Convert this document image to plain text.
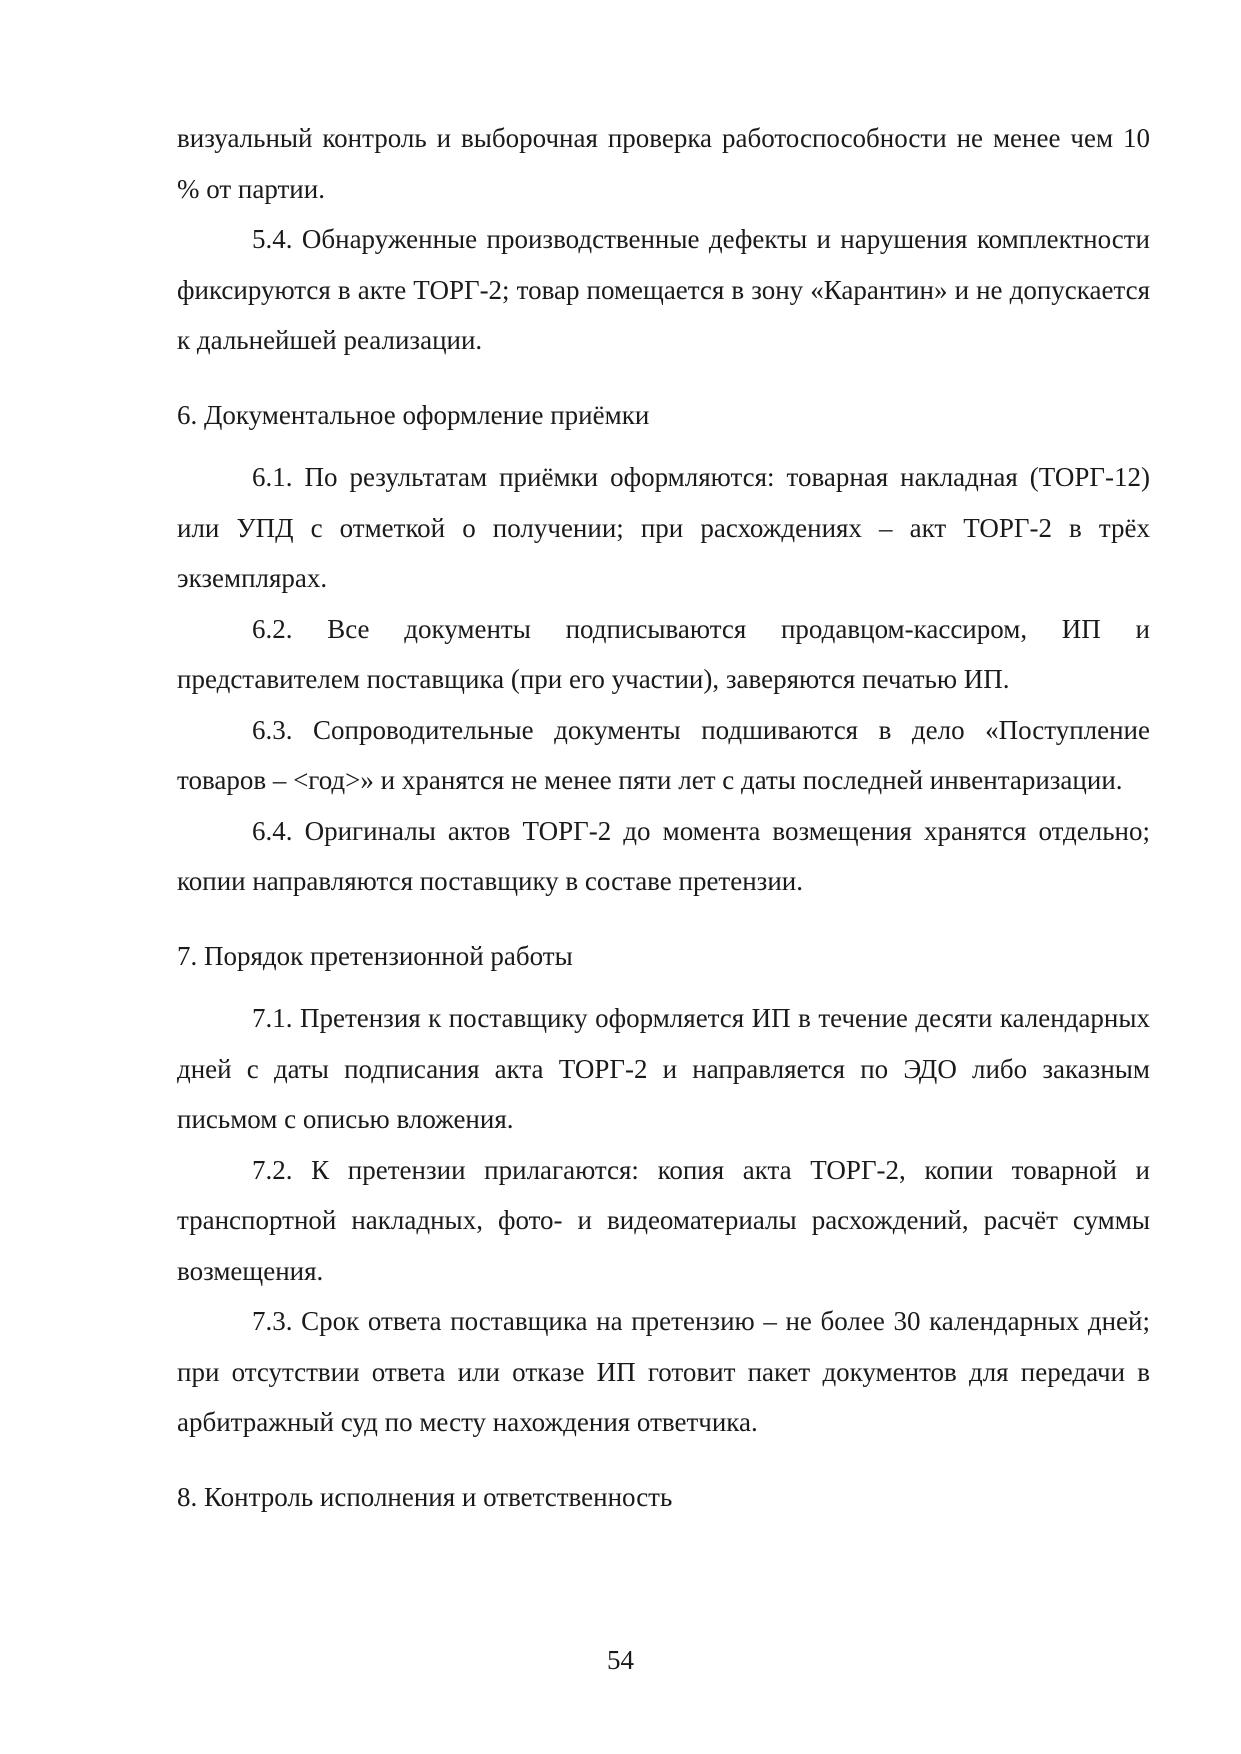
визуальный контроль и выборочная проверка работоспособности не менее чем 10 % от партии.

5.4. Обнаруженные производственные дефекты и нарушения комплектности фиксируются в акте ТОРГ-2; товар помещается в зону «Карантин» и не допускается к дальнейшей реализации.

6. Документальное оформление приёмки

6.1. По результатам приёмки оформляются: товарная накладная (ТОРГ-12) или УПД с отметкой о получении; при расхождениях – акт ТОРГ-2 в трёх экземплярах.

6.2. Все документы подписываются продавцом-кассиром, ИП и представителем поставщика (при его участии), заверяются печатью ИП.

6.3. Сопроводительные документы подшиваются в дело «Поступление товаров – <год>» и хранятся не менее пяти лет с даты последней инвентаризации.

6.4. Оригиналы актов ТОРГ-2 до момента возмещения хранятся отдельно; копии направляются поставщику в составе претензии.

7. Порядок претензионной работы

7.1. Претензия к поставщику оформляется ИП в течение десяти календарных дней с даты подписания акта ТОРГ-2 и направляется по ЭДО либо заказным письмом с описью вложения.

7.2. К претензии прилагаются: копия акта ТОРГ-2, копии товарной и транспортной накладных, фото- и видеоматериалы расхождений, расчёт суммы возмещения.

7.3. Срок ответа поставщика на претензию – не более 30 календарных дней; при отсутствии ответа или отказе ИП готовит пакет документов для передачи в арбитражный суд по месту нахождения ответчика.

8. Контроль исполнения и ответственность

54
